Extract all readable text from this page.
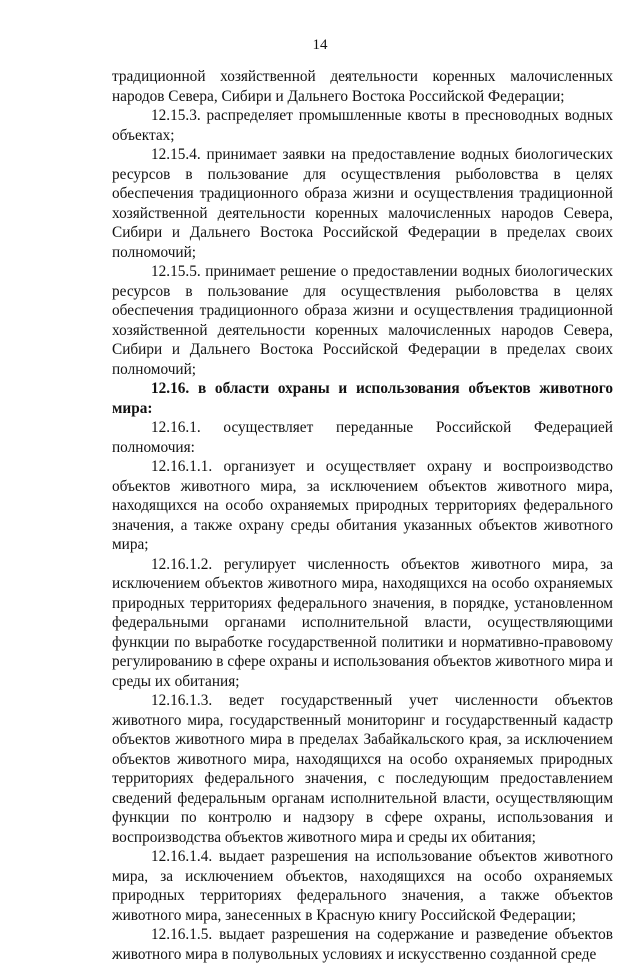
14

традиционной хозяйственной деятельности коренных малочисленных народов Севера, Сибири и Дальнего Востока Российской Федерации;

12.15.3. распределяет промышленные квоты в пресноводных водных объектах;

12.15.4. принимает заявки на предоставление водных биологических ресурсов в пользование для осуществления рыболовства в целях обеспечения традиционного образа жизни и осуществления традиционной хозяйственной деятельности коренных малочисленных народов Севера, Сибири и Дальнего Востока Российской Федерации в пределах своих полномочий;

12.15.5. принимает решение о предоставлении водных биологических ресурсов в пользование для осуществления рыболовства в целях обеспечения традиционного образа жизни и осуществления традиционной хозяйственной деятельности коренных малочисленных народов Севера, Сибири и Дальнего Востока Российской Федерации в пределах своих полномочий;

12.16. в области охраны и использования объектов животного мира:

12.16.1. осуществляет переданные Российской Федерацией полномочия:

12.16.1.1. организует и осуществляет охрану и воспроизводство объектов животного мира, за исключением объектов животного мира, находящихся на особо охраняемых природных территориях федерального значения, а также охрану среды обитания указанных объектов животного мира;

12.16.1.2. регулирует численность объектов животного мира, за исключением объектов животного мира, находящихся на особо охраняемых природных территориях федерального значения, в порядке, установленном федеральными органами исполнительной власти, осуществляющими функции по выработке государственной политики и нормативно-правовому регулированию в сфере охраны и использования объектов животного мира и среды их обитания;

12.16.1.3. ведет государственный учет численности объектов животного мира, государственный мониторинг и государственный кадастр объектов животного мира в пределах Забайкальского края, за исключением объектов животного мира, находящихся на особо охраняемых природных территориях федерального значения, с последующим предоставлением сведений федеральным органам исполнительной власти, осуществляющим функции по контролю и надзору в сфере охраны, использования и воспроизводства объектов животного мира и среды их обитания;

12.16.1.4. выдает разрешения на использование объектов животного мира, за исключением объектов, находящихся на особо охраняемых природных территориях федерального значения, а также объектов животного мира, занесенных в Красную книгу Российской Федерации;

12.16.1.5. выдает разрешения на содержание и разведение объектов животного мира в полувольных условиях и искусственно созданной среде
